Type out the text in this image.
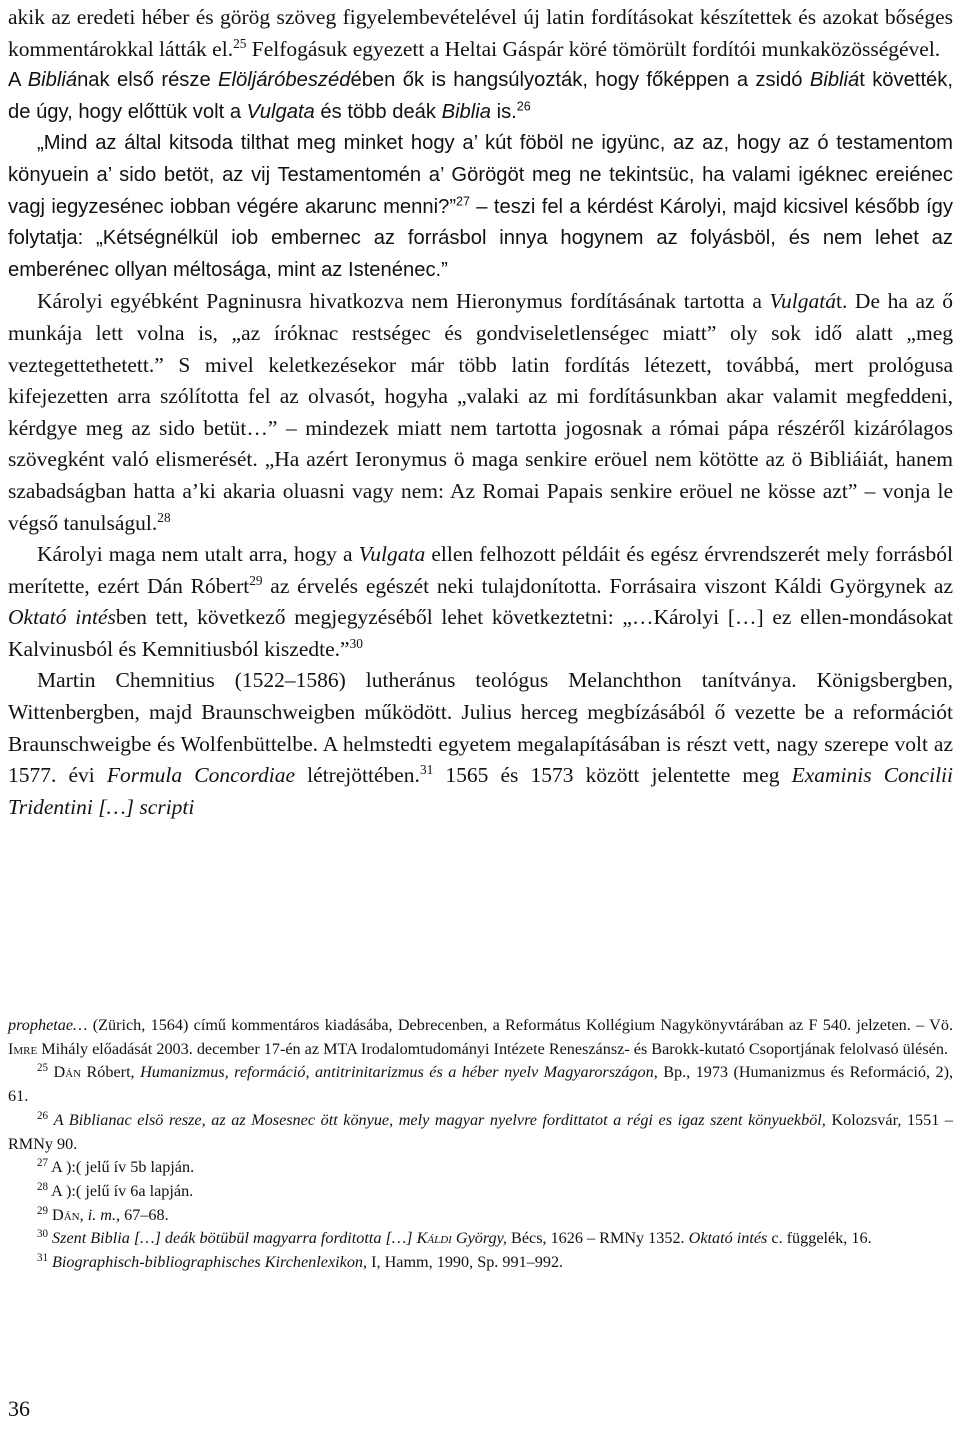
akik az eredeti héber és görög szöveg figyelembevételével új latin fordításokat készítettek és azokat bőséges kommentárokkal látták el.$^{25}$ Felfogásuk egyezett a Heltai Gáspár köré tömörült fordítói munkaközösségével.

A Bibliának első része Elöljáróbeszédében ők is hangsúlyozták, hogy főképpen a zsidó Bibliát követték, de úgy, hogy előttük volt a Vulgata és több deák Biblia is.$^{26}$

„Mind az által kitsoda tilthat meg minket hogy a’ kút föböl ne igyünc, az az, hogy az ó testamentom könyuein a’ sido betöt, az vij Testamentomén a’ Görögöt meg ne tekintsüc, ha valami igéknec ereiénec vagj iegyzesénec iobban végére akarunc menni?”$^{27}$ – teszi fel a kérdést Károlyi, majd kicsivel később így folytatja: „Kétségnélkül iob embernec az forrásbol innya hogynem az folyásböl, és nem lehet az emberénec ollyan méltosága, mint az Istenénec.”

Károlyi egyébként Pagninusra hivatkozva nem Hieronymus fordításának tartotta a Vulgatát. De ha az ő munkája lett volna is, „az íróknac restségec és gondviseletlenségec miatt” oly sok idő alatt „meg veztegettethetett.” S mivel keletkezésekor már több latin fordítás létezett, továbbá, mert prológusa kifejezetten arra szólította fel az olvasót, hogyha „valaki az mi fordításunkban akar valamit megfeddeni, kérdgye meg az sido betüt…” – mindezek miatt nem tartotta jogosnak a római pápa részéről kizárólagos szövegként való elismerését. „Ha azért Ieronymus ö maga senkire eröuel nem kötötte az ö Bibliáiát, hanem szabadságban hatta a’ki akaria oluasni vagy nem: Az Romai Papais senkire eröuel ne kösse azt” – vonja le végső tanulságul.$^{28}$

Károlyi maga nem utalt arra, hogy a Vulgata ellen felhozott példáit és egész érvrendszerét mely forrásból merítette, ezért Dán Róbert$^{29}$ az érvelés egészét neki tulajdonította. Forrásaira viszont Káldi Györgynek az Oktató intésben tett, következő megjegyzéséből lehet következtetni: „…Károlyi […] ez ellen-mondásokat Kalvinusból és Kemnitiusból kiszedte.”$^{30}$

Martin Chemnitius (1522–1586) lutheránus teológus Melanchthon tanítványa. Königsbergben, Wittenbergben, majd Braunschweigben működött. Julius herceg megbízásából ő vezette be a reformációt Braunschweigbe és Wolfenbüttelbe. A helmstedti egyetem megalapításában is részt vett, nagy szerepe volt az 1577. évi Formula Concordiae létrejöttében.$^{31}$ 1565 és 1573 között jelentette meg Examinis Concilii Tridentini […] scripti

prophetae… (Zürich, 1564) című kommentáros kiadásába, Debrecenben, a Református Kollégium Nagykönyvtárában az F 540. jelzeten. – Vö. Imre Mihály előadását 2003. december 17-én az MTA Irodalomtudományi Intézete Reneszánsz- és Barokk-kutató Csoportjának felolvasó ülésén.

$^{25}$ Dán Róbert, Humanizmus, reformáció, antitrinitarizmus és a héber nyelv Magyarországon, Bp., 1973 (Humanizmus és Reformáció, 2), 61.

$^{26}$ A Biblianac elsö resze, az az Mosesnec ött könyue, mely magyar nyelvre fordittatot a régi es igaz szent könyuekböl, Kolozsvár, 1551 – RMNy 90.

$^{27}$ A ):( jelű ív 5b lapján.

$^{28}$ A ):( jelű ív 6a lapján.

$^{29}$ Dán, i. m., 67–68.

$^{30}$ Szent Biblia […] deák bötübül magyarra forditotta […] Káldi György, Bécs, 1626 – RMNy 1352. Oktató intés c. függelék, 16.

$^{31}$ Biographisch-bibliographisches Kirchenlexikon, I, Hamm, 1990, Sp. 991–992.

36
